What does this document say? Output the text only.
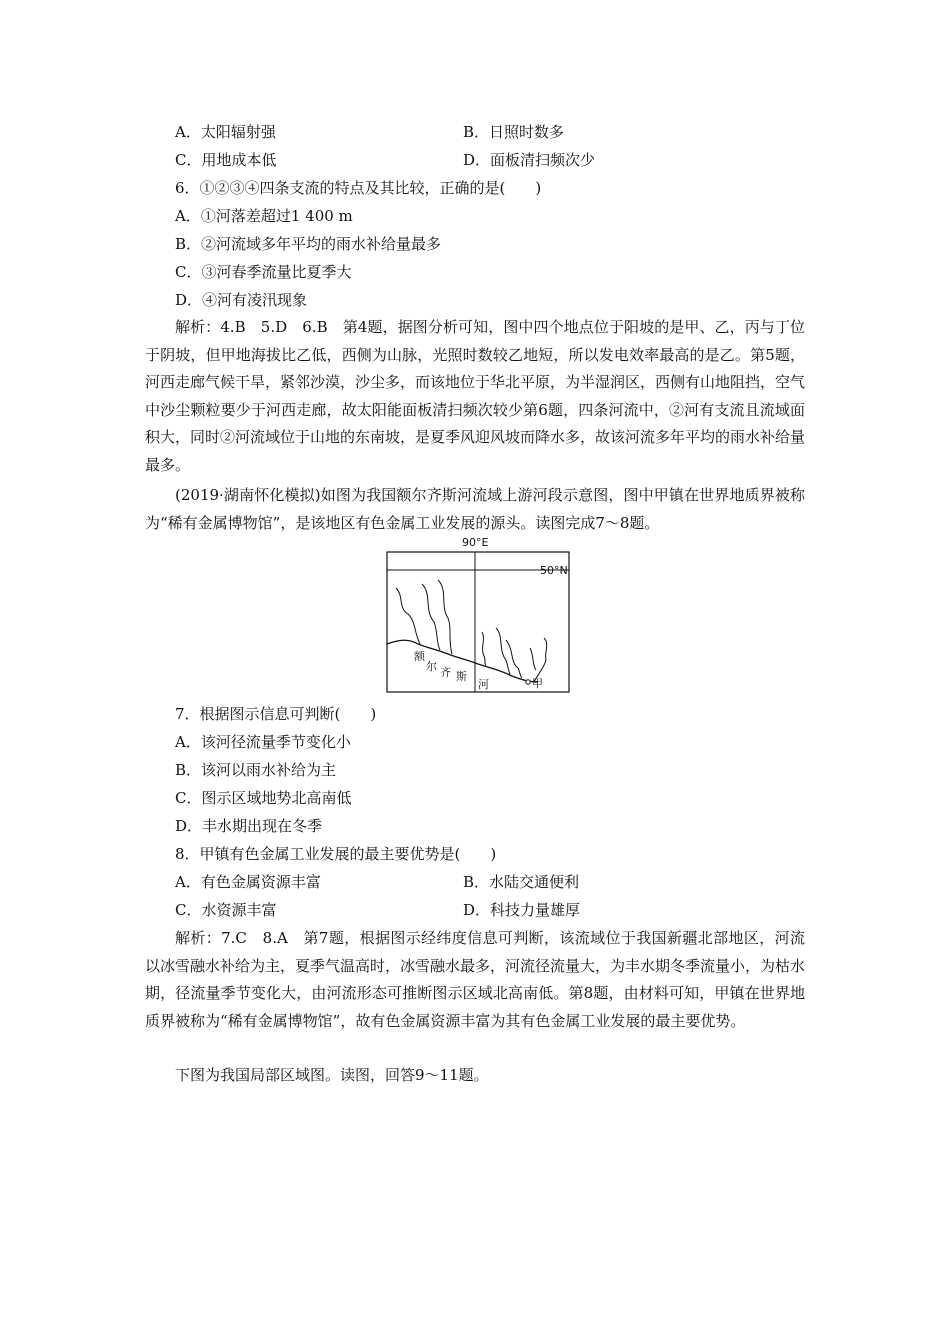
A．太阳辐射强	B．日照时数多
C．用地成本低	D．面板清扫频次少
6．①②③④四条支流的特点及其比较，正确的是(　　)
A．①河落差超过1 400 m
B．②河流域多年平均的雨水补给量最多
C．③河春季流量比夏季大
D．④河有凌汛现象
解析：4.B　5.D　6.B　第4题，据图分析可知，图中四个地点位于阳坡的是甲、乙，丙与丁位于阴坡，但甲地海拔比乙低，西侧为山脉，光照时数较乙地短，所以发电效率最高的是乙。第5题，河西走廊气候干旱，紧邻沙漠，沙尘多，而该地位于华北平原，为半湿润区，西侧有山地阻挡，空气中沙尘颗粒要少于河西走廊，故太阳能面板清扫频次较少第6题，四条河流中，②河有支流且流域面积大，同时②河流域位于山地的东南坡，是夏季风迎风坡而降水多，故该河流多年平均的雨水补给量最多。
(2019·湖南怀化模拟)如图为我国额尔齐斯河流域上游河段示意图，图中甲镇在世界地质界被称为“稀有金属博物馆”，是该地区有色金属工业发展的源头。读图完成7～8题。
90°E
50°N
额
尔 齐 斯
河	甲
7．根据图示信息可判断(　　)
A．该河径流量季节变化小
B．该河以雨水补给为主
C．图示区域地势北高南低
D．丰水期出现在冬季
8．甲镇有色金属工业发展的最主要优势是(　　)
A．有色金属资源丰富	B．水陆交通便利
C．水资源丰富	D．科技力量雄厚
解析：7.C　8.A　第7题，根据图示经纬度信息可判断，该流域位于我国新疆北部地区，河流以冰雪融水补给为主，夏季气温高时，冰雪融水最多，河流径流量大，为丰水期冬季流量小，为枯水期，径流量季节变化大，由河流形态可推断图示区域北高南低。第8题，由材料可知，甲镇在世界地质界被称为“稀有金属博物馆”，故有色金属资源丰富为其有色金属工业发展的最主要优势。
下图为我国局部区域图。读图，回答9～11题。
